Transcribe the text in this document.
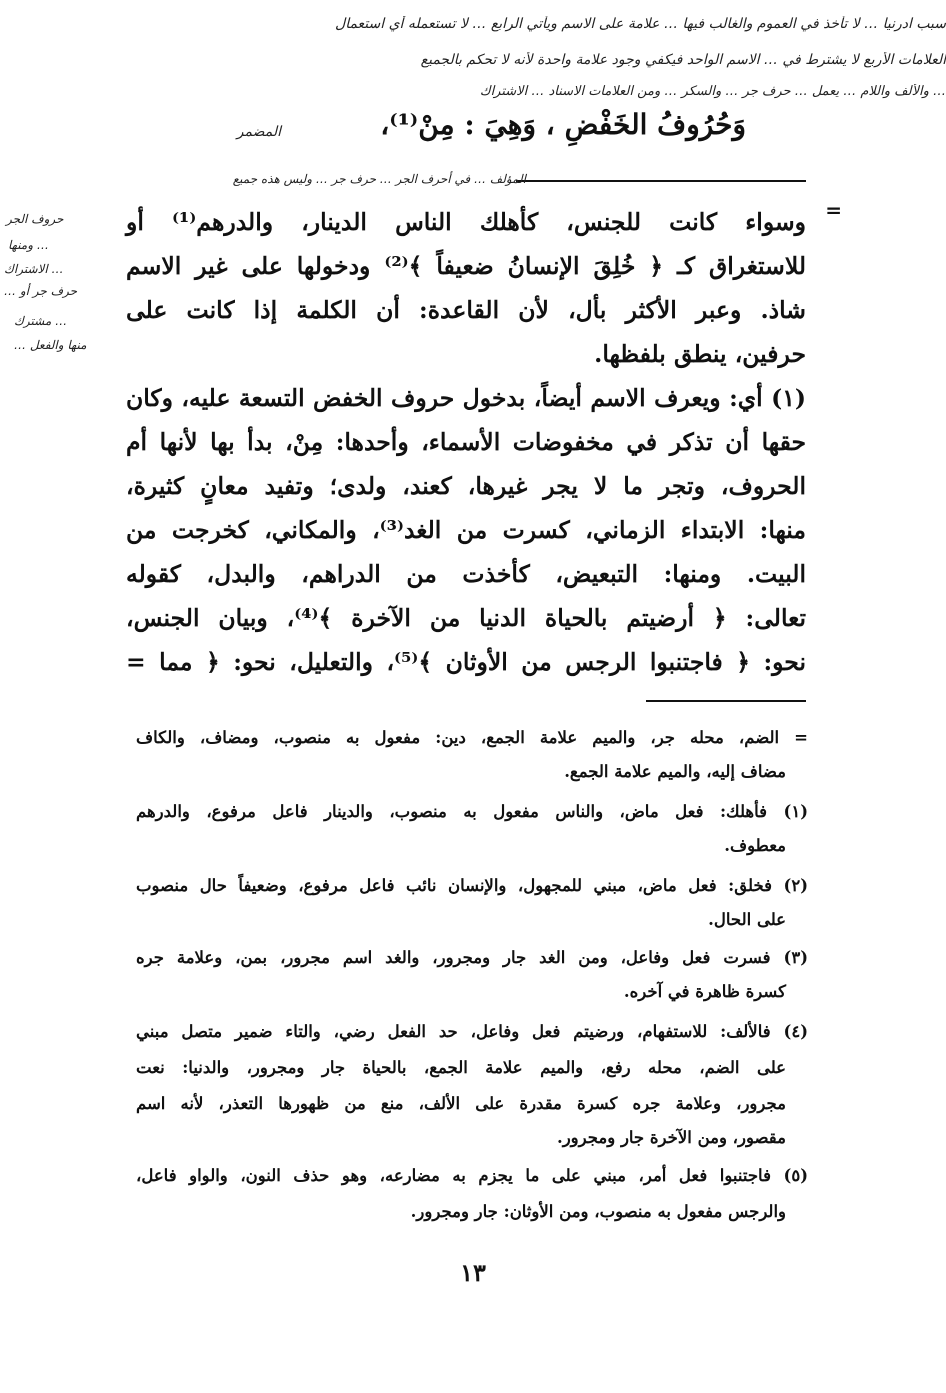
سبب ادرنيا … لا تأخذ في العموم والغالب فيها … علامة على الاسم ويأتي الرابع … لا تستعمله أي استعمال
العلامات الأربع لا يشترط في … الاسم الواحد فيكفي وجود علامة واحدة لأنه لا تحكم بالجميع
… والألف واللام … يعمل … حرف جر … والسكر … ومن العلامات الاسناد … الاشتراك
وَحُرُوفُ الخَفْضِ ، وَهِيَ : مِنْ⁽¹⁾،
المضمر
المؤلف … في أحرف الجر … حرف جر … وليس هذه جميع
حروف الجر
… ومنها
… الاشتراك
حرف جر أو …
… مشترك
منها والفعل …
=
وسواء كانت للجنس، كأهلك الناس الدينار، والدرهم⁽¹⁾ أو
للاستغراق كـ ﴿ خُلِقَ الإنسانُ ضعيفاً ﴾⁽²⁾ ودخولها على غير الاسم
شاذ. وعبر الأكثر بأل، لأن القاعدة: أن الكلمة إذا كانت على
حرفين، ينطق بلفظها.
(١) أي: ويعرف الاسم أيضاً، بدخول حروف الخفض التسعة عليه، وكان
حقها أن تذكر في مخفوضات الأسماء، وأحدها: مِنْ، بدأ بها لأنها أم
الحروف، وتجر ما لا يجر غيرها، كعند، ولدى؛ وتفيد معانٍ كثيرة،
منها: الابتداء الزماني، كسرت من الغد⁽³⁾، والمكاني، كخرجت من
البيت. ومنها: التبعيض، كأخذت من الدراهم، والبدل، كقوله
تعالى: ﴿ أرضيتم بالحياة الدنيا من الآخرة ﴾⁽⁴⁾، وبيان الجنس،
نحو: ﴿ فاجتنبوا الرجس من الأوثان ﴾⁽⁵⁾، والتعليل، نحو: ﴿ مما =
= الضم، محله جر، والميم علامة الجمع، دين: مفعول به منصوب، ومضاف، والكاف
مضاف إليه، والميم علامة الجمع.
(١) فأهلك: فعل ماض، والناس مفعول به منصوب، والدينار فاعل مرفوع، والدرهم
معطوف.
(٢) فخلق: فعل ماض، مبني للمجهول، والإنسان نائب فاعل مرفوع، وضعيفاً حال منصوب
على الحال.
(٣) فسرت فعل وفاعل، ومن الغد جار ومجرور، والغد اسم مجرور، بمن، وعلامة جره
كسرة ظاهرة في آخره.
(٤) فالألف: للاستفهام، ورضيتم فعل وفاعل، حد الفعل رضي، والتاء ضمير متصل مبني
على الضم، محله رفع، والميم علامة الجمع، بالحياة جار ومجرور، والدنيا: نعت
مجرور، وعلامة جره كسرة مقدرة على الألف، منع من ظهورها التعذر، لأنه اسم
مقصور، ومن الآخرة جار ومجرور.
(٥) فاجتنبوا فعل أمر، مبني على ما يجزم به مضارعه، وهو حذف النون، والواو فاعل،
والرجس مفعول به منصوب، ومن الأوثان: جار ومجرور.
١٣
